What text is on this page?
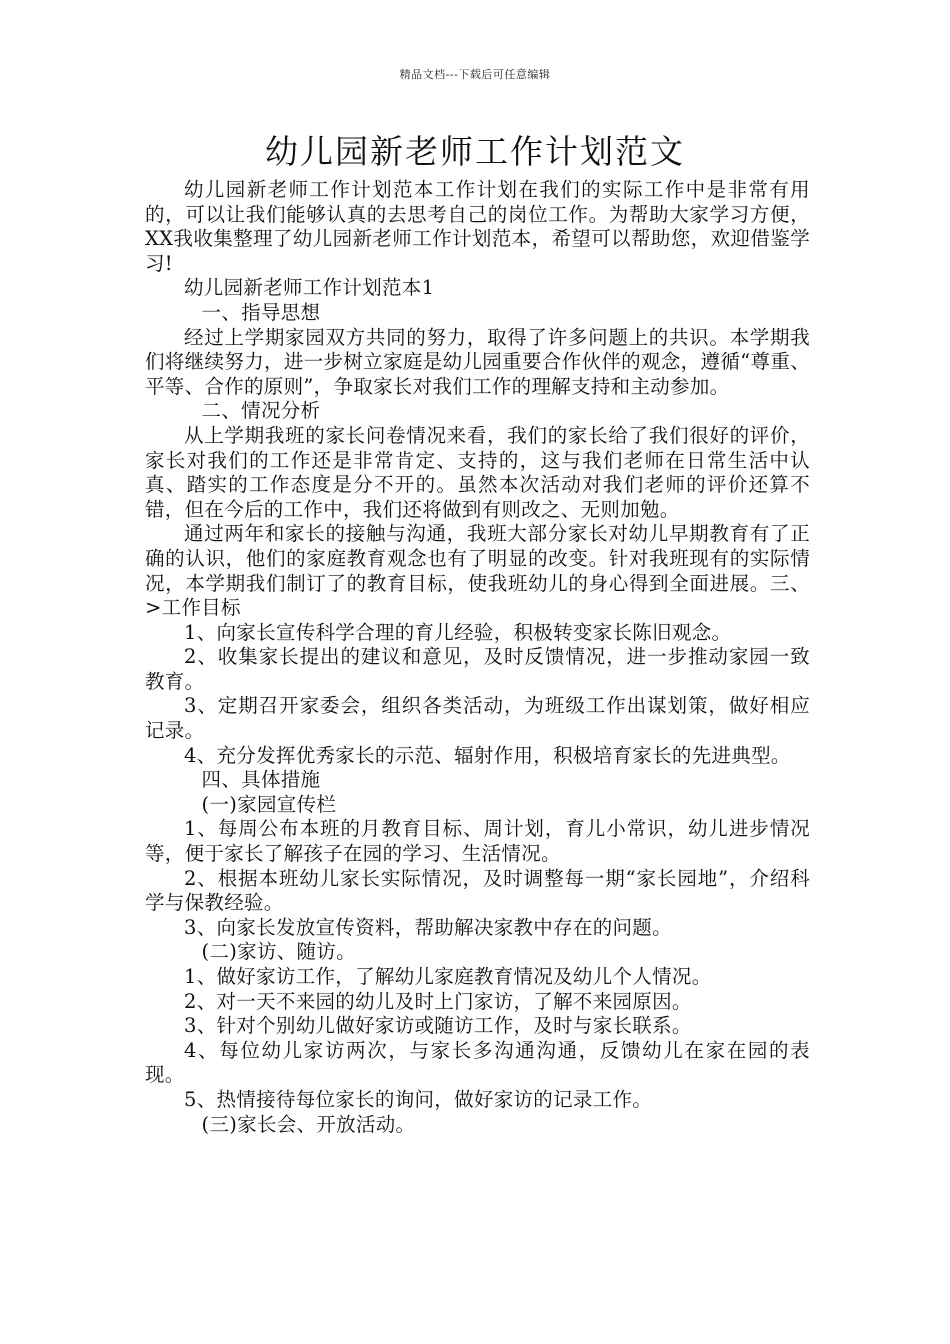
精品文档---下载后可任意编辑
幼儿园新老师工作计划范文

幼儿园新老师工作计划范本工作计划在我们的实际工作中是非常有用的，可以让我们能够认真的去思考自己的岗位工作。为帮助大家学习方便，XX我收集整理了幼儿园新老师工作计划范本，希望可以帮助您，欢迎借鉴学习!

幼儿园新老师工作计划范本1

一、指导思想

经过上学期家园双方共同的努力，取得了许多问题上的共识。本学期我们将继续努力，进一步树立家庭是幼儿园重要合作伙伴的观念，遵循“尊重、平等、合作的原则”，争取家长对我们工作的理解支持和主动参加。

二、情况分析

从上学期我班的家长问卷情况来看，我们的家长给了我们很好的评价，家长对我们的工作还是非常肯定、支持的，这与我们老师在日常生活中认真、踏实的工作态度是分不开的。虽然本次活动对我们老师的评价还算不错，但在今后的工作中，我们还将做到有则改之、无则加勉。

通过两年和家长的接触与沟通，我班大部分家长对幼儿早期教育有了正确的认识，他们的家庭教育观念也有了明显的改变。针对我班现有的实际情况，本学期我们制订了的教育目标，使我班幼儿的身心得到全面进展。三、>工作目标

1、向家长宣传科学合理的育儿经验，积极转变家长陈旧观念。

2、收集家长提出的建议和意见，及时反馈情况，进一步推动家园一致教育。

3、定期召开家委会，组织各类活动，为班级工作出谋划策，做好相应记录。

4、充分发挥优秀家长的示范、辐射作用，积极培育家长的先进典型。

四、具体措施

(一)家园宣传栏

1、每周公布本班的月教育目标、周计划，育儿小常识，幼儿进步情况等，便于家长了解孩子在园的学习、生活情况。

2、根据本班幼儿家长实际情况，及时调整每一期“家长园地”，介绍科学与保教经验。

3、向家长发放宣传资料，帮助解决家教中存在的问题。

(二)家访、随访。

1、做好家访工作，了解幼儿家庭教育情况及幼儿个人情况。

2、对一天不来园的幼儿及时上门家访，了解不来园原因。

3、针对个别幼儿做好家访或随访工作，及时与家长联系。

4、每位幼儿家访两次，与家长多沟通沟通，反馈幼儿在家在园的表现。

5、热情接待每位家长的询问，做好家访的记录工作。

(三)家长会、开放活动。
